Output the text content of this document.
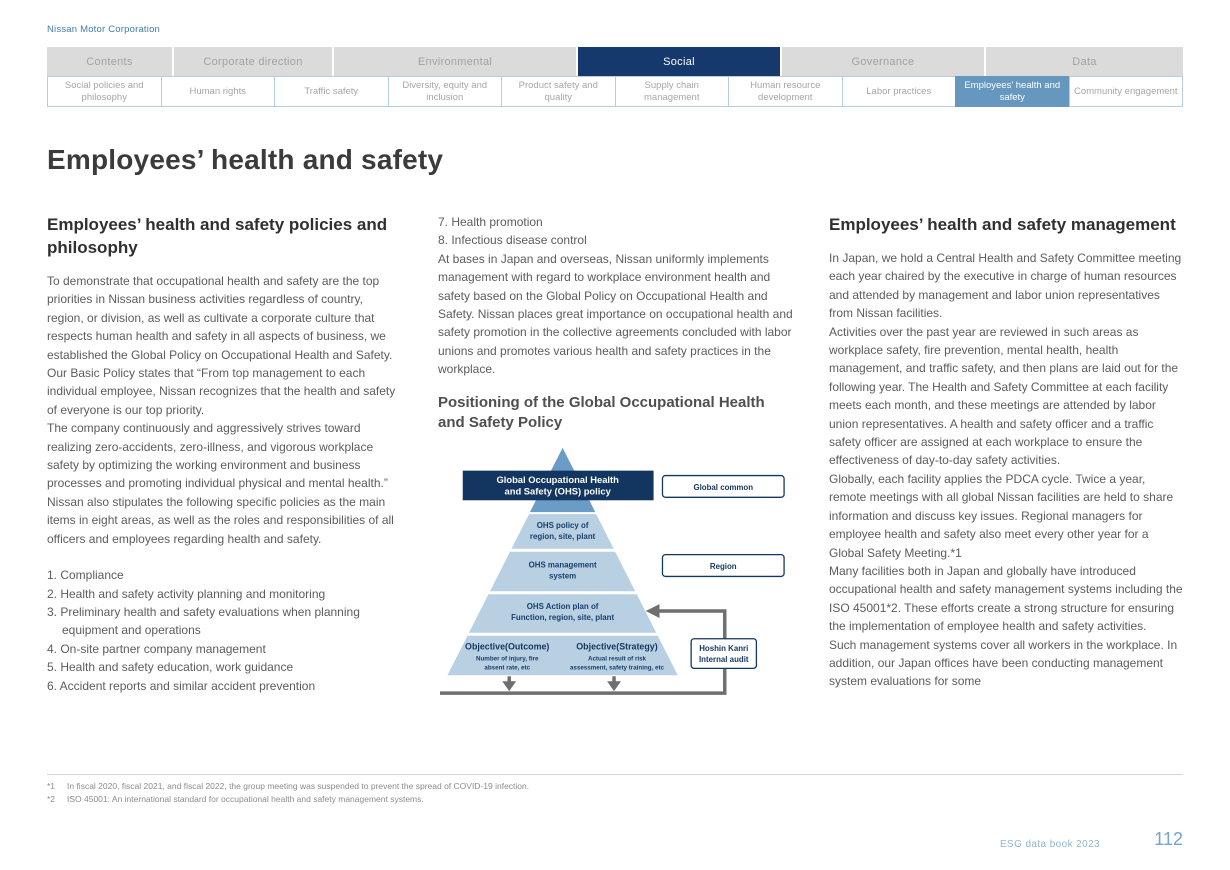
Nissan Motor Corporation
Contents	Corporate direction	Environmental	Social	Governance	Data
Social policies and philosophy
Human rights	Traffic safety
Diversity, equity and inclusion
Product safety and quality
Supply chain management
Human resource development
Labor practices
Employees' health and safety
Community engagement
Employees’ health and safety
Employees’ health and safety policies and philosophy

To demonstrate that occupational health and safety are the top priorities in Nissan business activities regardless of country, region, or division, as well as cultivate a corporate culture that respects human health and safety in all aspects of business, we established the Global Policy on Occupational Health and Safety.

Our Basic Policy states that “From top management to each individual employee, Nissan recognizes that the health and safety of everyone is our top priority.

The company continuously and aggressively strives toward realizing zero-accidents, zero-illness, and vigorous workplace safety by optimizing the working environment and business processes and promoting individual physical and mental health.”

Nissan also stipulates the following specific policies as the main items in eight areas, as well as the roles and responsibilities of all officers and employees regarding health and safety.

1. Compliance
2. Health and safety activity planning and monitoring
3. Preliminary health and safety evaluations when planning equipment and operations
4. On-site partner company management
5. Health and safety education, work guidance
6. Accident reports and similar accident prevention
7. Health promotion
8. Infectious disease control

At bases in Japan and overseas, Nissan uniformly implements management with regard to workplace environment health and safety based on the Global Policy on Occupational Health and Safety. Nissan places great importance on occupational health and safety promotion in the collective agreements concluded with labor unions and promotes various health and safety practices in the workplace.

Positioning of the Global Occupational Health and Safety Policy
Global Occupational Health
and Safety (OHS) policy
OHS policy of
region, site, plant
OHS management
system
OHS Action plan of
Function, region, site, plant
Objective(Outcome)
Number of injury, fire
absent rate, etc
Objective(Strategy)
Actual result of risk
assessment, safety training, etc
Global common
Region
Hoshin Kanri
Internal audit
Employees’ health and safety management

In Japan, we hold a Central Health and Safety Committee meeting each year chaired by the executive in charge of human resources and attended by management and labor union representatives from Nissan facilities.

Activities over the past year are reviewed in such areas as workplace safety, fire prevention, mental health, health management, and traffic safety, and then plans are laid out for the following year. The Health and Safety Committee at each facility meets each month, and these meetings are attended by labor union representatives. A health and safety officer and a traffic safety officer are assigned at each workplace to ensure the effectiveness of day-to-day safety activities.

Globally, each facility applies the PDCA cycle. Twice a year, remote meetings with all global Nissan facilities are held to share information and discuss key issues. Regional managers for employee health and safety also meet every other year for a Global Safety Meeting.*1

Many facilities both in Japan and globally have introduced occupational health and safety management systems including the ISO 45001*2. These efforts create a strong structure for ensuring the implementation of employee health and safety activities.

Such management systems cover all workers in the workplace. In addition, our Japan offices have been conducting management system evaluations for some

*1	In fiscal 2020, fiscal 2021, and fiscal 2022, the group meeting was suspended to prevent the spread of COVID-19 infection.
*2	ISO 45001: An international standard for occupational health and safety management systems.
ESG data book 2023	112
